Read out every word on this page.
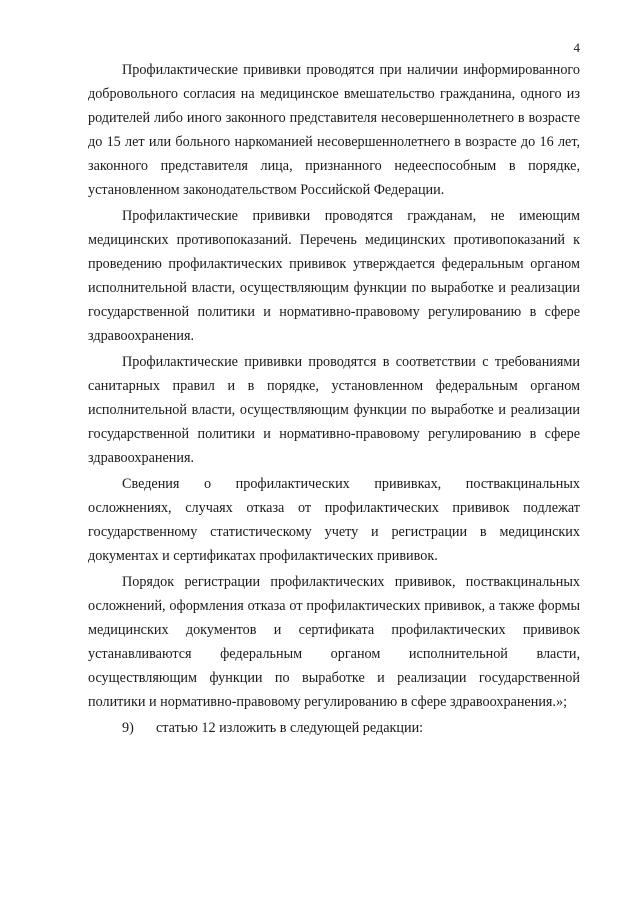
4

Профилактические прививки проводятся при наличии информированного добровольного согласия на медицинское вмешательство гражданина, одного из родителей либо иного законного представителя несовершеннолетнего в возрасте до 15 лет или больного наркоманией несовершеннолетнего в возрасте до 16 лет, законного представителя лица, признанного недееспособным в порядке, установленном законодательством Российской Федерации.

Профилактические прививки проводятся гражданам, не имеющим медицинских противопоказаний. Перечень медицинских противопоказаний к проведению профилактических прививок утверждается федеральным органом исполнительной власти, осуществляющим функции по выработке и реализации государственной политики и нормативно-правовому регулированию в сфере здравоохранения.

Профилактические прививки проводятся в соответствии с требованиями санитарных правил и в порядке, установленном федеральным органом исполнительной власти, осуществляющим функции по выработке и реализации государственной политики и нормативно-правовому регулированию в сфере здравоохранения.

Сведения о профилактических прививках, поствакцинальных осложнениях, случаях отказа от профилактических прививок подлежат государственному статистическому учету и регистрации в медицинских документах и сертификатах профилактических прививок.

Порядок регистрации профилактических прививок, поствакцинальных осложнений, оформления отказа от профилактических прививок, а также формы медицинских документов и сертификата профилактических прививок устанавливаются федеральным органом исполнительной власти, осуществляющим функции по выработке и реализации государственной политики и нормативно-правовому регулированию в сфере здравоохранения.»;

9)	статью 12 изложить в следующей редакции:
